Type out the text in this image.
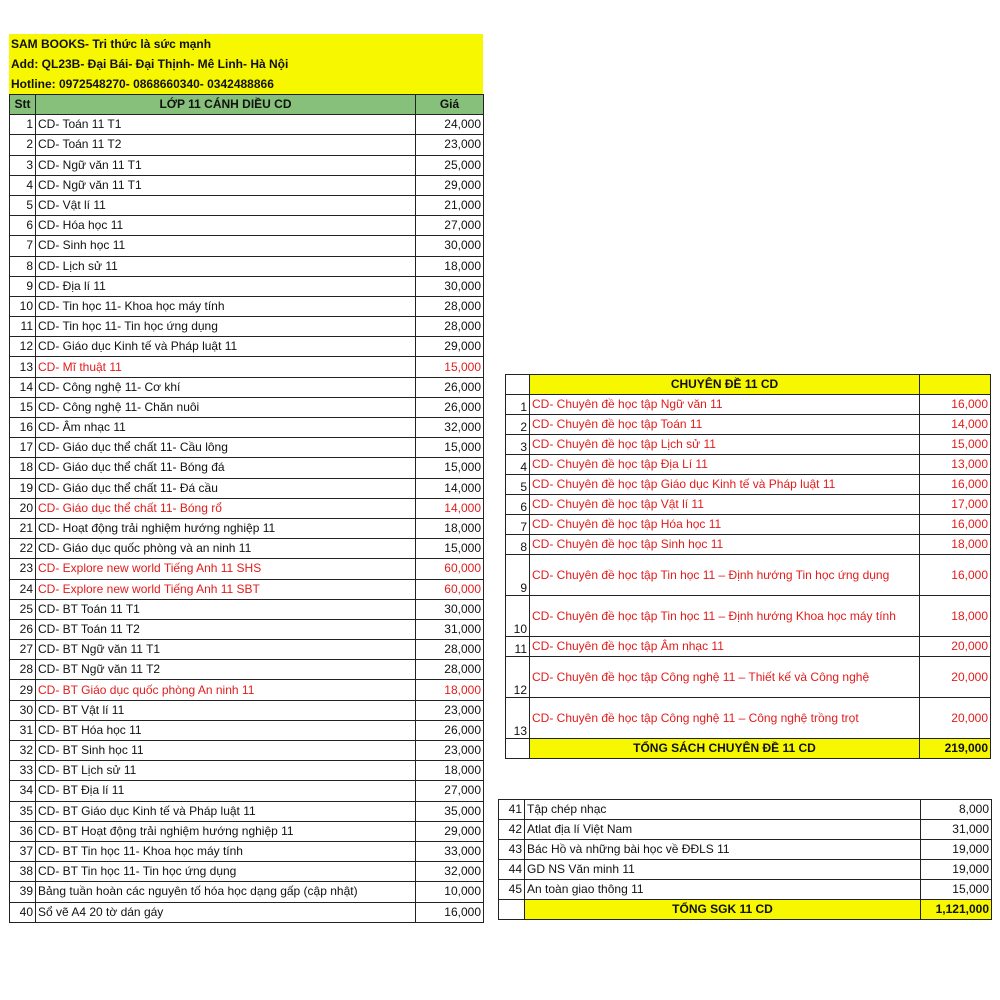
SAM BOOKS- Tri thức là sức mạnh
Add: QL23B- Đại Bái- Đại Thịnh- Mê Linh- Hà Nội
Hotline: 0972548270- 0868660340- 0342488866
Stt	LỚP 11 CÁNH DIỀU CD	Giá
1	CD- Toán 11 T1	24,000
2	CD- Toán 11 T2	23,000
3	CD- Ngữ văn 11 T1	25,000
4	CD- Ngữ văn 11 T1	29,000
5	CD- Vật lí 11	21,000
6	CD- Hóa học 11	27,000
7	CD- Sinh học 11	30,000
8	CD- Lịch sử 11	18,000
9	CD- Địa lí 11	30,000
10	CD- Tin học 11- Khoa học máy tính	28,000
11	CD- Tin học 11- Tin học ứng dụng	28,000
12	CD- Giáo dục Kinh tế và Pháp luật 11	29,000
13	CD- Mĩ thuật 11	15,000
14	CD- Công nghệ 11- Cơ khí	26,000
15	CD- Công nghệ 11- Chăn nuôi	26,000
16	CD- Âm nhạc 11	32,000
17	CD- Giáo dục thể chất 11- Cầu lông	15,000
18	CD- Giáo dục thể chất 11- Bóng đá	15,000
19	CD- Giáo dục thể chất 11- Đá cầu	14,000
20	CD- Giáo dục thể chất 11- Bóng rổ	14,000
21	CD- Hoạt động trải nghiệm hướng nghiệp 11	18,000
22	CD- Giáo dục quốc phòng và an ninh 11	15,000
23	CD- Explore new world Tiếng Anh 11 SHS	60,000
24	CD- Explore new world Tiếng Anh 11 SBT	60,000
25	CD- BT Toán 11 T1	30,000
26	CD- BT Toán 11 T2	31,000
27	CD- BT Ngữ văn 11 T1	28,000
28	CD- BT Ngữ văn 11 T2	28,000
29	CD- BT Giáo dục quốc phòng An ninh 11	18,000
30	CD- BT Vật lí 11	23,000
31	CD- BT Hóa học 11	26,000
32	CD- BT Sinh học 11	23,000
33	CD- BT Lịch sử 11	18,000
34	CD- BT Địa lí 11	27,000
35	CD- BT Giáo dục Kinh tế và Pháp luật 11	35,000
36	CD- BT Hoạt động trải nghiệm hướng nghiệp 11	29,000
37	CD- BT Tin học 11- Khoa học máy tính	33,000
38	CD- BT Tin học 11- Tin học ứng dụng	32,000
39	Bảng tuần hoàn các nguyên tố hóa học dạng gấp (cập nhật)	10,000
40	Sổ vẽ A4 20 tờ dán gáy	16,000
	CHUYÊN ĐỀ 11 CD	
1	CD- Chuyên đề học tập Ngữ văn 11	16,000
2	CD- Chuyên đề học tập Toán 11	14,000
3	CD- Chuyên đề học tập Lịch sử 11	15,000
4	CD- Chuyên đề học tập Địa Lí 11	13,000
5	CD- Chuyên đề học tập Giáo dục Kinh tế và Pháp luật 11	16,000
6	CD- Chuyên đề học tập Vật lí 11	17,000
7	CD- Chuyên đề học tập Hóa học 11	16,000
8	CD- Chuyên đề học tập Sinh học 11	18,000
9	CD- Chuyên đề học tập Tin học 11 – Định hướng Tin học ứng dụng	16,000
10	CD- Chuyên đề học tập Tin học 11 – Định hướng Khoa học máy tính	18,000
11	CD- Chuyên đề học tập Âm nhạc 11	20,000
12	CD- Chuyên đề học tập Công nghệ 11 – Thiết kế và Công nghệ	20,000
13	CD- Chuyên đề học tập Công nghệ 11 – Công nghệ trồng trọt	20,000
	TỔNG SÁCH CHUYÊN ĐỀ 11 CD	219,000
41	Tập chép nhạc	8,000
42	Atlat địa lí Việt Nam	31,000
43	Bác Hồ và những bài học về ĐĐLS 11	19,000
44	GD NS Văn minh 11	19,000
45	An toàn giao thông 11	15,000
	TỔNG SGK 11 CD	1,121,000
